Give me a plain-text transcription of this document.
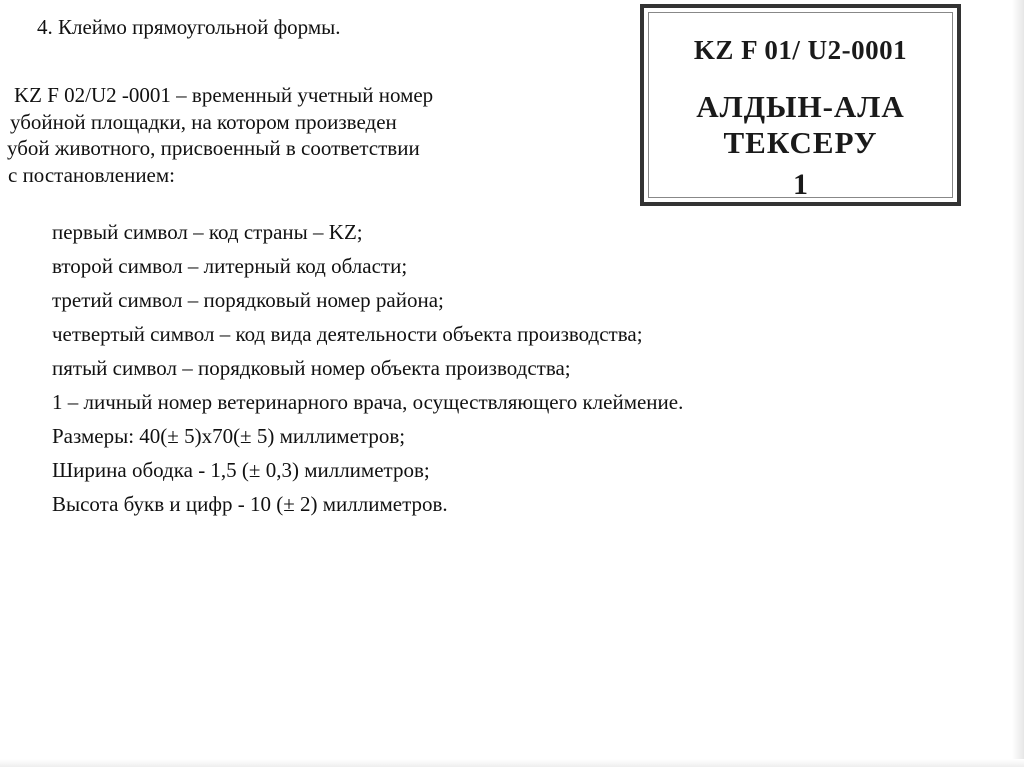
4. Клеймо прямоугольной формы.
KZ F 02/U2 -0001 – временный учетный номер
убойной площадки, на котором произведен
убой животного, присвоенный в соответствии
с постановлением:
первый символ – код страны – KZ;
второй символ – литерный код области;
третий символ – порядковый номер района;
четвертый символ – код вида деятельности объекта производства;
пятый символ – порядковый номер объекта производства;
1 – личный номер ветеринарного врача, осуществляющего клеймение.
Размеры: 40(± 5)x70(± 5) миллиметров;
Ширина ободка - 1,5 (± 0,3) миллиметров;
Высота букв и цифр - 10 (± 2) миллиметров.
KZ F 01/ U2-0001
АЛДЫН-АЛА
ТЕКСЕРУ
1
